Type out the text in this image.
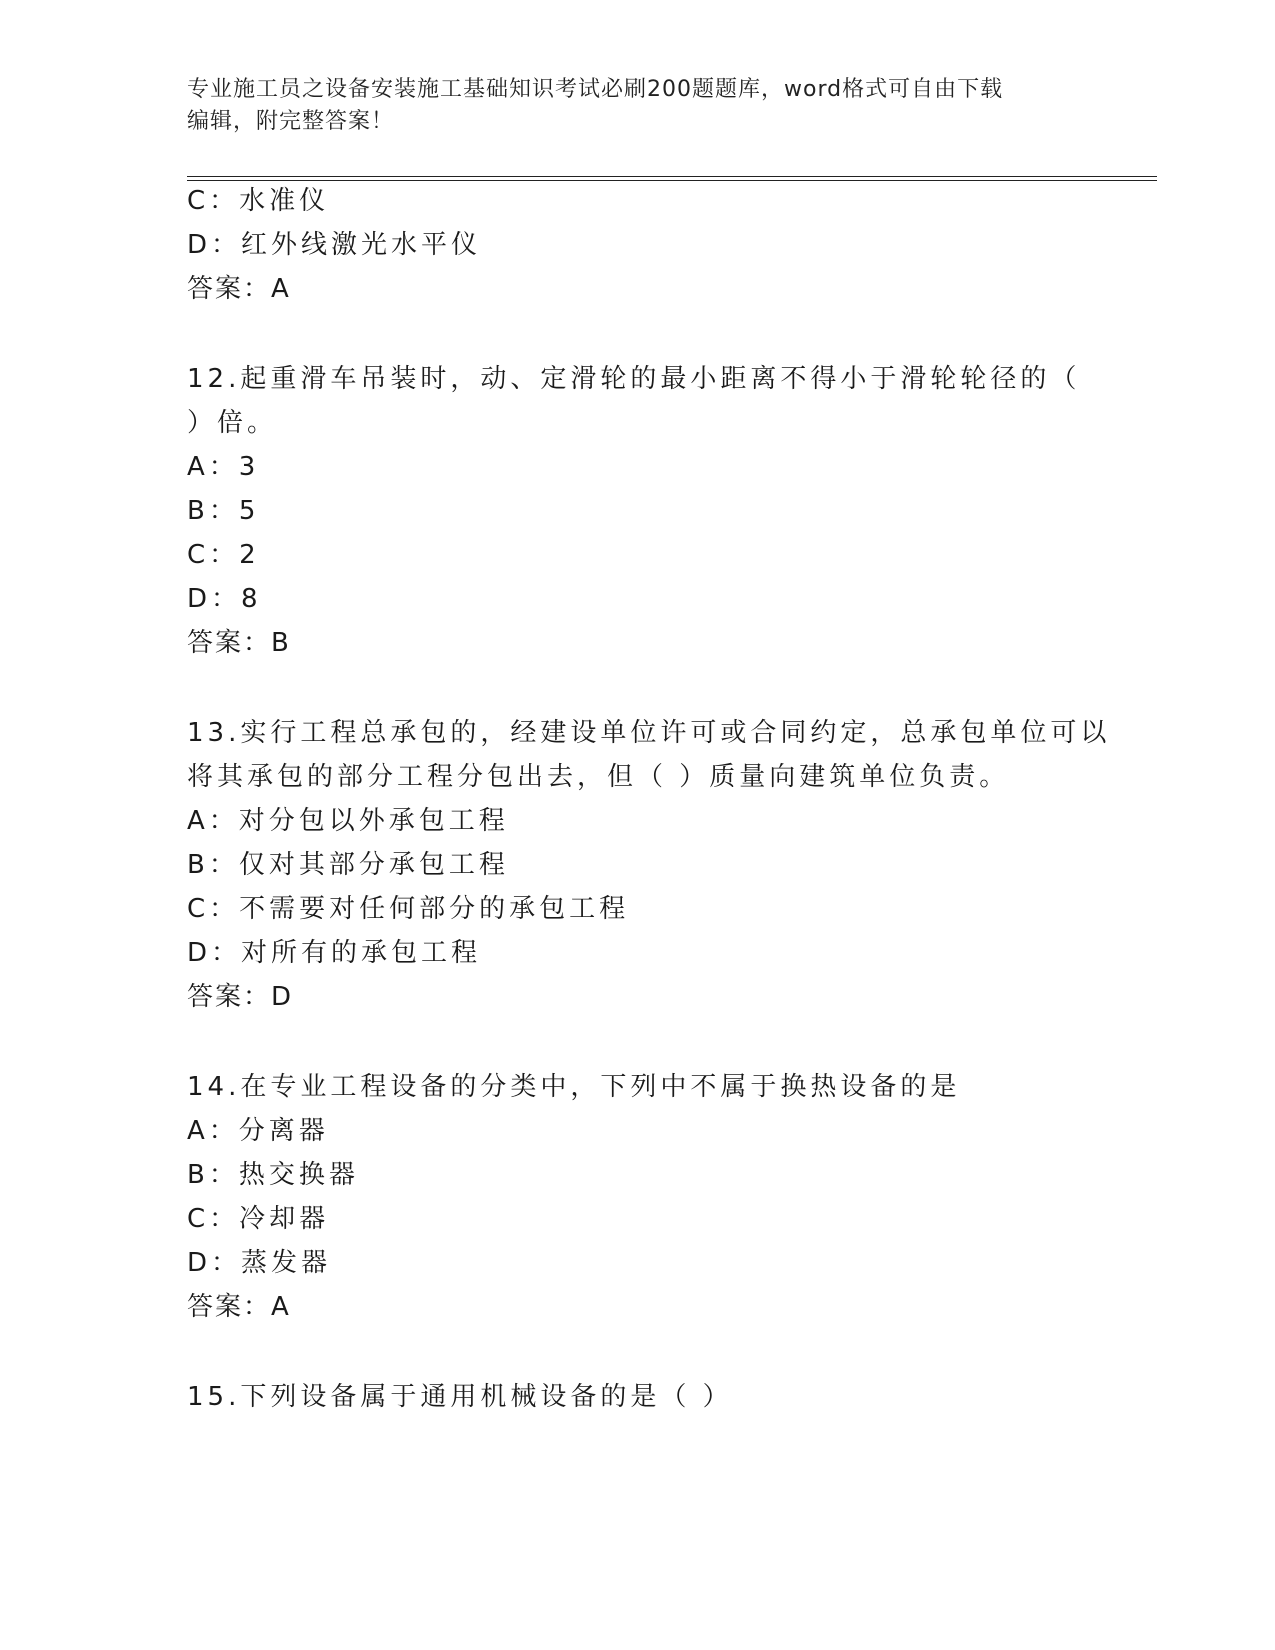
专业施工员之设备安装施工基础知识考试必刷200题题库，word格式可自由下载
编辑，附完整答案！
C：水准仪
D：红外线激光水平仪
答案：A
12.起重滑车吊装时，动、定滑轮的最小距离不得小于滑轮轮径的（
）倍。
A：3
B：5
C：2
D：8
答案：B
13.实行工程总承包的，经建设单位许可或合同约定，总承包单位可以
将其承包的部分工程分包出去，但（ ）质量向建筑单位负责。
A：对分包以外承包工程
B：仅对其部分承包工程
C：不需要对任何部分的承包工程
D：对所有的承包工程
答案：D
14.在专业工程设备的分类中，下列中不属于换热设备的是
A：分离器
B：热交换器
C：冷却器
D：蒸发器
答案：A
15.下列设备属于通用机械设备的是（ ）
